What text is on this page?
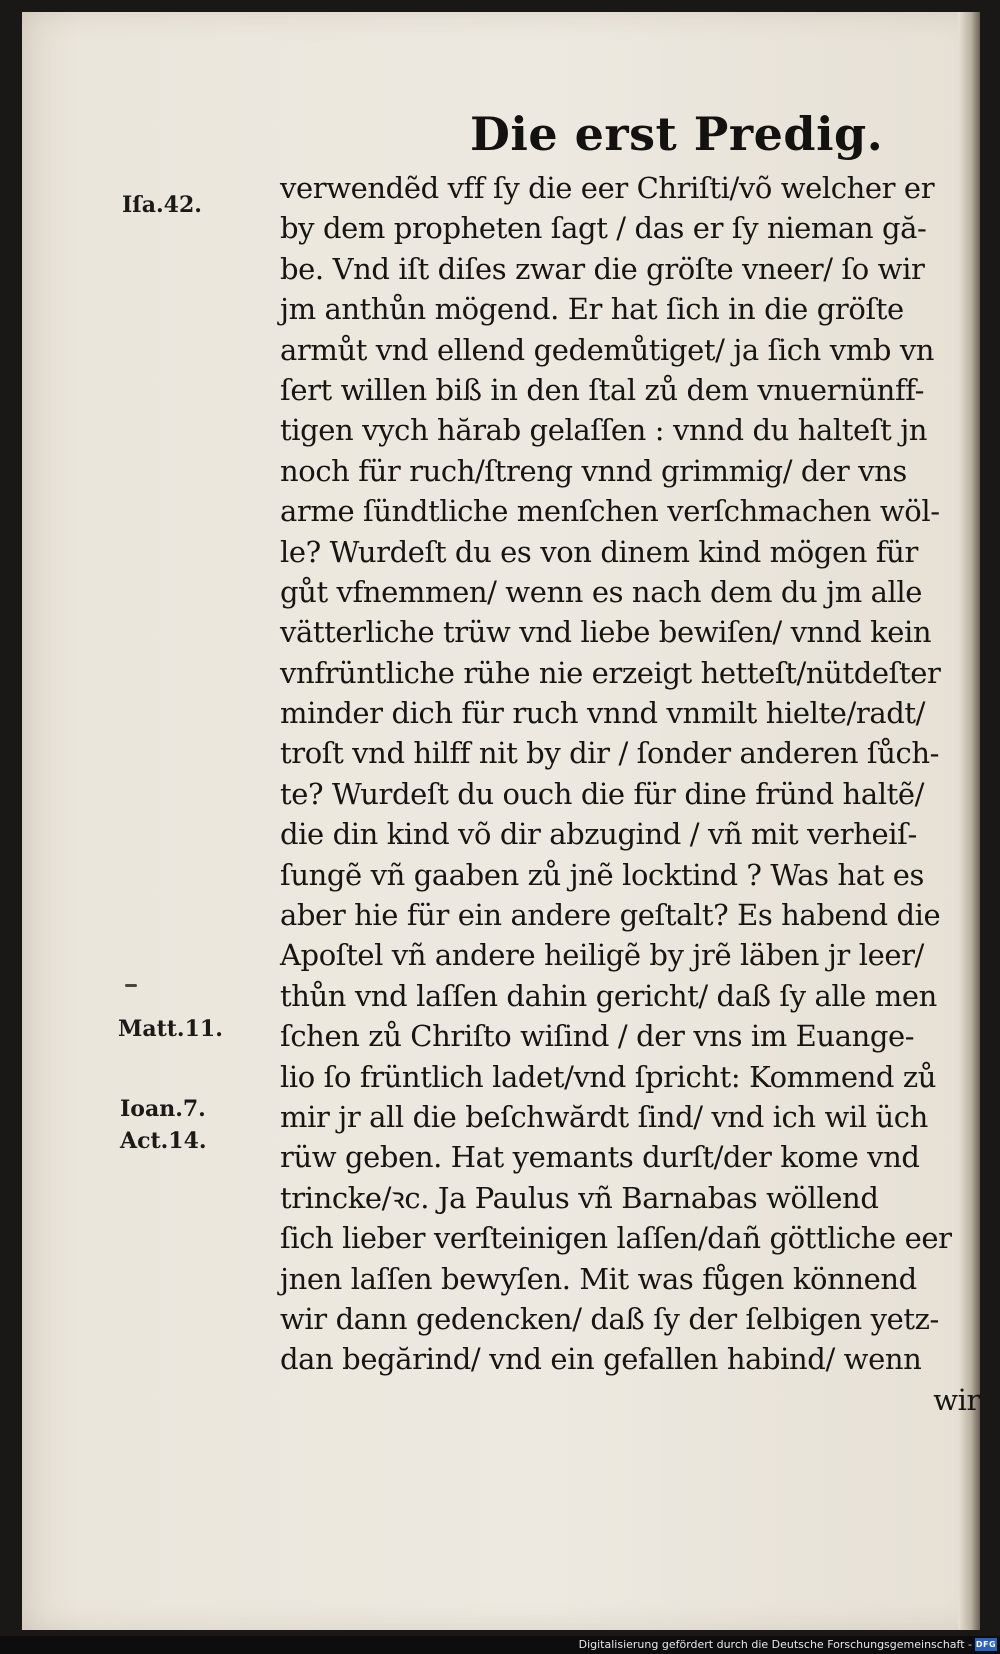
Die erst Predig.
verwendẽd vff ſy die eer Chriſti/võ welcher er
by dem propheten ſagt / das er ſy nieman gă-
be. Vnd iſt diſes zwar die gröſte vneer/ ſo wir
jm anthůn mögend. Er hat ſich in die gröſte
armůt vnd ellend gedemůtiget/ ja ſich vmb vn
ſert willen biß in den ſtal zů dem vnuernünff-
tigen vych hărab gelaſſen : vnnd du halteſt jn
noch für ruch/ſtreng vnnd grimmig/ der vns
arme ſündtliche menſchen verſchmachen wöl-
le? Wurdeſt du es von dinem kind mögen für
gůt vfnemmen/ wenn es nach dem du jm alle
vätterliche trüw vnd liebe bewiſen/ vnnd kein
vnfrüntliche rühe nie erzeigt hetteſt/nütdeſter
minder dich für ruch vnnd vnmilt hielte/radt/
troſt vnd hilff nit by dir / ſonder anderen ſůch-
te? Wurdeſt du ouch die für dine fründ haltẽ/
die din kind võ dir abzugind / vñ mit verheiſ-
ſungẽ vñ gaaben zů jnẽ locktind ? Was hat es
aber hie für ein andere geſtalt? Es habend die
Apoſtel vñ andere heiligẽ by jrẽ läben jr leer/
thůn vnd laſſen dahin gericht/ daß ſy alle men
ſchen zů Chriſto wiſind / der vns im Euange-
lio ſo früntlich ladet/vnd ſpricht: Kommend zů
mir jr all die beſchwărdt ſind/ vnd ich wil üch
rüw geben. Hat yemants durſt/der kome vnd
trincke/ꝛc. Ja Paulus vñ Barnabas wöllend
ſich lieber verſteinigen laſſen/dañ göttliche eer
jnen laſſen bewyſen. Mit was fůgen könnend
wir dann gedencken/ daß ſy der ſelbigen yetz-
dan begărind/ vnd ein gefallen habind/ wenn
wir
Iſa.42.
Matt.11.
Ioan.7.
Act.14.
Digitalisierung gefördert durch die Deutsche Forschungsgemeinschaft - DFG
